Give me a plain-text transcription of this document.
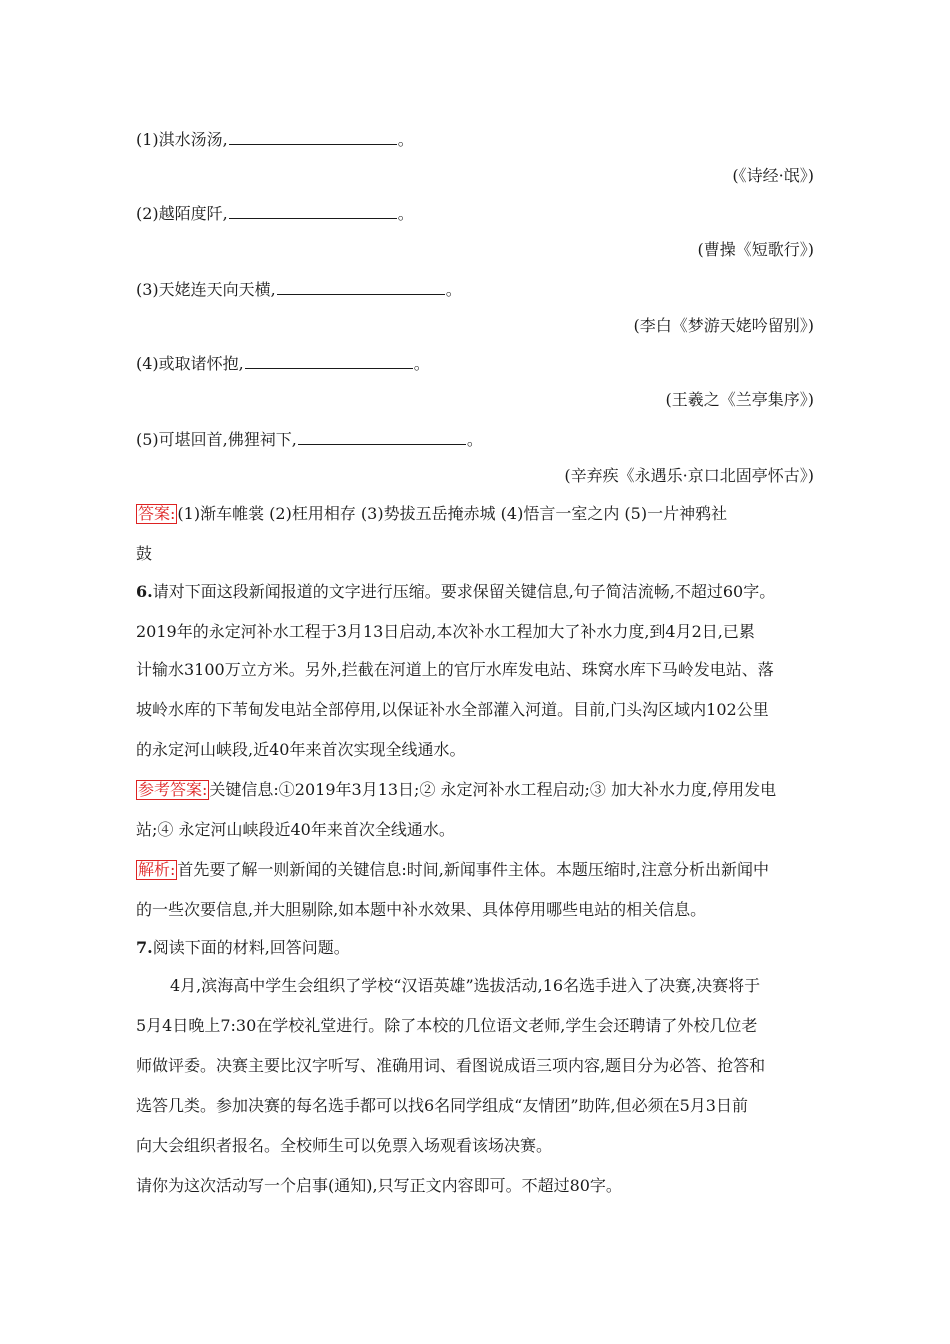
(1)淇水汤汤,	。
(《诗经·氓》)
(2)越陌度阡,	。
(曹操《短歌行》)
(3)天姥连天向天横,	。
(李白《梦游天姥吟留别》)
(4)或取诸怀抱,	。
(王羲之《兰亭集序》)
(5)可堪回首,佛狸祠下,	。
(辛弃疾《永遇乐·京口北固亭怀古》)
答案: (1)渐车帷裳 (2)枉用相存 (3)势拔五岳掩赤城 (4)悟言一室之内 (5)一片神鸦社
鼓
6.请对下面这段新闻报道的文字进行压缩。要求保留关键信息,句子简洁流畅,不超过60字。
2019年的永定河补水工程于3月13日启动,本次补水工程加大了补水力度,到4月2日,已累
计输水3100万立方米。另外,拦截在河道上的官厅水库发电站、珠窝水库下马岭发电站、落
坡岭水库的下苇甸发电站全部停用,以保证补水全部灌入河道。目前,门头沟区域内102公里
的永定河山峡段,近40年来首次实现全线通水。
参考答案: 关键信息:①2019年3月13日;② 永定河补水工程启动;③ 加大补水力度,停用发电
站;④ 永定河山峡段近40年来首次全线通水。
解析: 首先要了解一则新闻的关键信息:时间,新闻事件主体。本题压缩时,注意分析出新闻中
的一些次要信息,并大胆剔除,如本题中补水效果、具体停用哪些电站的相关信息。
7.阅读下面的材料,回答问题。
4月,滨海高中学生会组织了学校“汉语英雄”选拔活动,16名选手进入了决赛,决赛将于
5月4日晚上7:30在学校礼堂进行。除了本校的几位语文老师,学生会还聘请了外校几位老
师做评委。决赛主要比汉字听写、准确用词、看图说成语三项内容,题目分为必答、抢答和
选答几类。参加决赛的每名选手都可以找6名同学组成“友情团”助阵,但必须在5月3日前
向大会组织者报名。全校师生可以免票入场观看该场决赛。
请你为这次活动写一个启事(通知),只写正文内容即可。不超过80字。
